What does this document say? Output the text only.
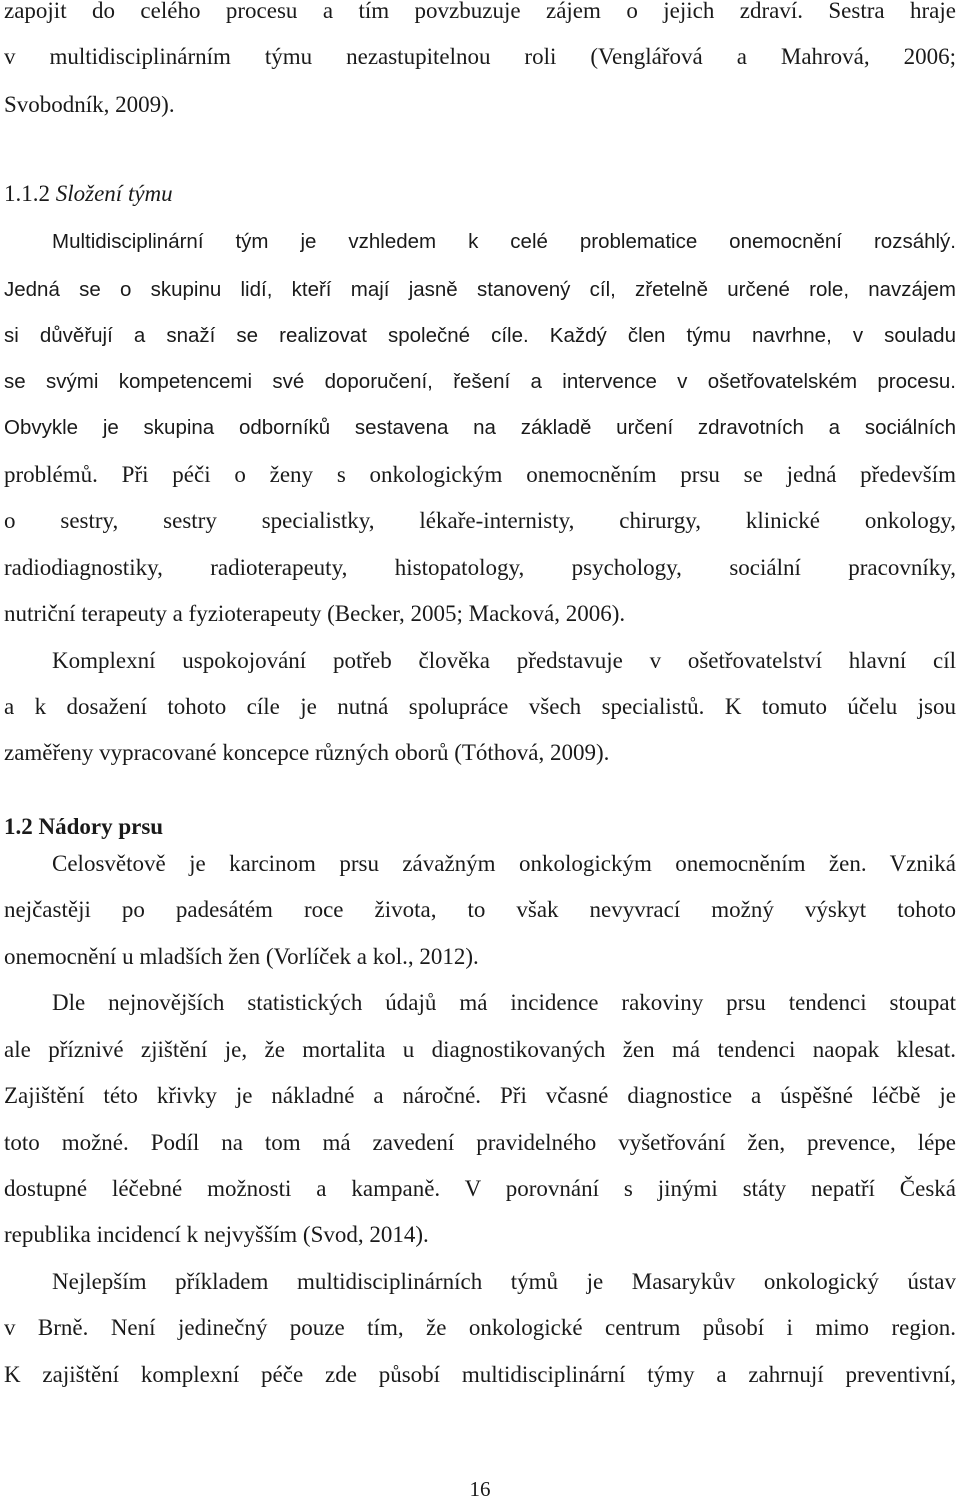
zapojit do celého procesu a tím povzbuzuje zájem o jejich zdraví. Sestra hraje
v multidisciplinárním týmu nezastupitelnou roli (Venglářová a Mahrová, 2006;
Svobodník, 2009).
1.1.2 Složení týmu
Multidisciplinární tým je vzhledem k celé problematice onemocnění rozsáhlý.
Jedná se o skupinu lidí, kteří mají jasně stanovený cíl, zřetelně určené role, navzájem
si důvěřují a snaží se realizovat společné cíle. Každý člen týmu navrhne, v souladu
se svými kompetencemi své doporučení, řešení a intervence v ošetřovatelském procesu.
Obvykle je skupina odborníků sestavena na základě určení zdravotních a sociálních
problémů. Při péči o ženy s onkologickým onemocněním prsu se jedná především
o sestry, sestry specialistky, lékaře-internisty, chirurgy, klinické onkology,
radiodiagnostiky, radioterapeuty, histopatology, psychology, sociální pracovníky,
nutriční terapeuty a fyzioterapeuty (Becker, 2005; Macková, 2006).
Komplexní uspokojování potřeb člověka představuje v ošetřovatelství hlavní cíl
a k dosažení tohoto cíle je nutná spolupráce všech specialistů. K tomuto účelu jsou
zaměřeny vypracované koncepce různých oborů (Tóthová, 2009).
1.2 Nádory prsu
Celosvětově je karcinom prsu závažným onkologickým onemocněním žen. Vzniká
nejčastěji po padesátém roce života, to však nevyvrací možný výskyt tohoto
onemocnění u mladších žen (Vorlíček a kol., 2012).
Dle nejnovějších statistických údajů má incidence rakoviny prsu tendenci stoupat
ale příznivé zjištění je, že mortalita u diagnostikovaných žen má tendenci naopak klesat.
Zajištění této křivky je nákladné a náročné. Při včasné diagnostice a úspěšné léčbě je
toto možné. Podíl na tom má zavedení pravidelného vyšetřování žen, prevence, lépe
dostupné léčebné možnosti a kampaně. V porovnání s jinými státy nepatří Česká
republika incidencí k nejvyšším (Svod, 2014).
Nejlepším příkladem multidisciplinárních týmů je Masarykův onkologický ústav
v Brně. Není jedinečný pouze tím, že onkologické centrum působí i mimo region.
K zajištění komplexní péče zde působí multidisciplinární týmy a zahrnují preventivní,
16
